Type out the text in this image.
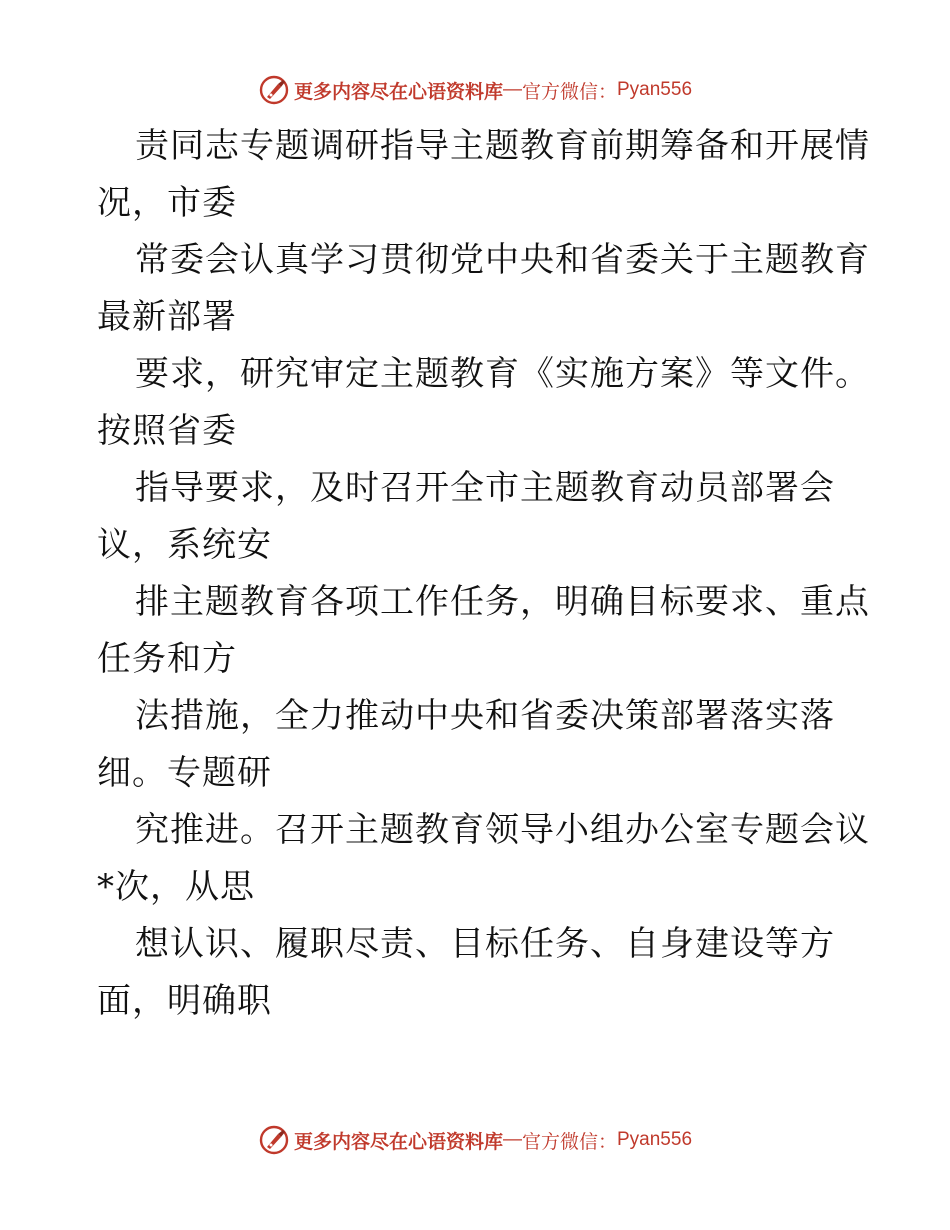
更多内容尽在心语资料库 — 官方微信： Pyan556
责同志专题调研指导主题教育前期筹备和开展情
况，市委
常委会认真学习贯彻党中央和省委关于主题教育
最新部署
要求，研究审定主题教育《实施方案》等文件。
按照省委
指导要求，及时召开全市主题教育动员部署会
议，系统安
排主题教育各项工作任务，明确目标要求、重点
任务和方
法措施，全力推动中央和省委决策部署落实落
细。专题研
究推进。召开主题教育领导小组办公室专题会议
*次，从思
想认识、履职尽责、目标任务、自身建设等方
面，明确职
更多内容尽在心语资料库 — 官方微信： Pyan556
